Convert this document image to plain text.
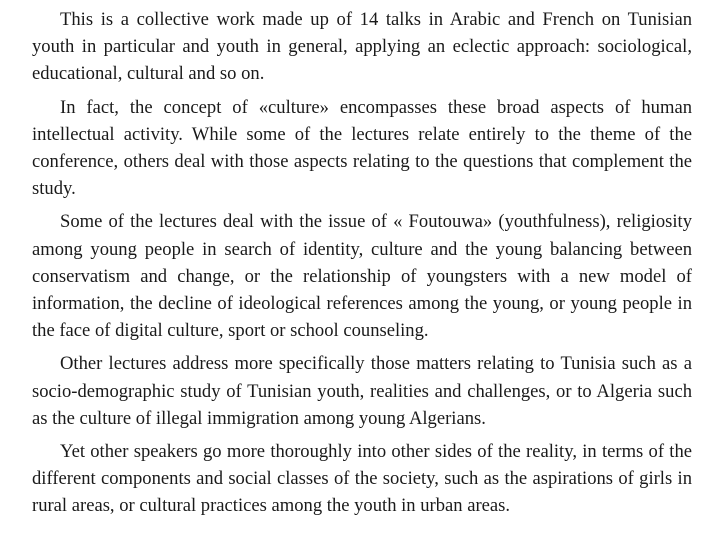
This is a collective work made up of 14 talks in Arabic and French on Tunisian youth in particular and youth in general, applying an eclectic approach: sociological, educational, cultural and so on.

In fact, the concept of «culture» encompasses these broad aspects of human intellectual activity. While some of the lectures relate entirely to the theme of the conference, others deal with those aspects relating to the questions that complement the study.

Some of the lectures deal with the issue of « Foutouwa» (youthfulness), religiosity among young people in search of identity, culture and the young balancing between conservatism and change, or the relationship of youngsters with a new model of information, the decline of ideological references among the young, or young people in the face of digital culture, sport or school counseling.

Other lectures address more specifically those matters relating to Tunisia such as a socio-demographic study of Tunisian youth, realities and challenges, or to Algeria such as the culture of illegal immigration among young Algerians.

Yet other speakers go more thoroughly into other sides of the reality, in terms of the different components and social classes of the society, such as the aspirations of girls in rural areas, or cultural practices among the youth in urban areas.
